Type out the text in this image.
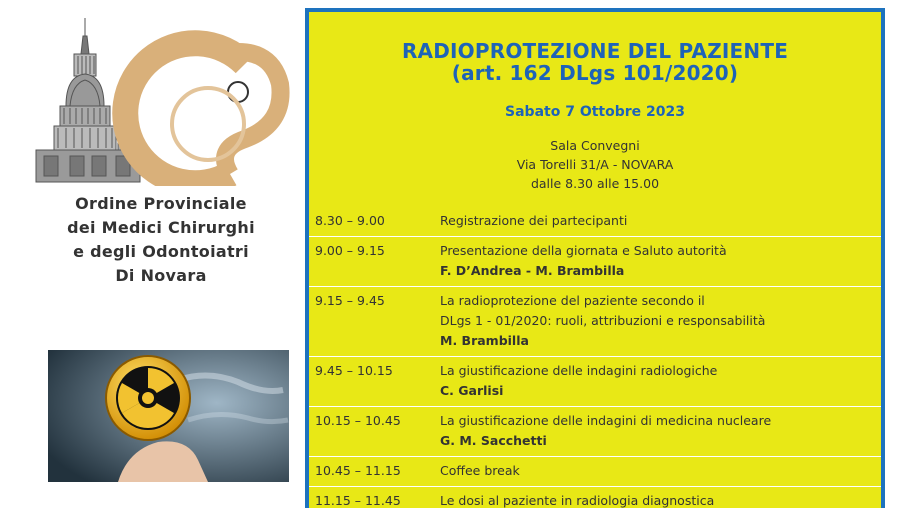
Ordine Provinciale
dei Medici Chirurghi
e degli Odontoiatri
Di Novara
RADIOPROTEZIONE DEL PAZIENTE
(art. 162 DLgs 101/2020)
Sabato 7 Ottobre 2023
Sala Convegni
Via Torelli 31/A - NOVARA
dalle 8.30 alle 15.00
8.30 – 9.00	Registrazione dei partecipanti
9.00 – 9.15	Presentazione della giornata e Saluto autorità
F. D’Andrea - M. Brambilla
9.15 – 9.45	La radioprotezione del paziente secondo il
DLgs 1 - 01/2020: ruoli, attribuzioni e responsabilità
M. Brambilla
9.45 – 10.15	La giustificazione delle indagini radiologiche
C. Garlisi
10.15 – 10.45	La giustificazione delle indagini di medicina nucleare
G. M. Sacchetti
10.45 – 11.15	Coffee break
11.15 – 11.45	Le dosi al paziente in radiologia diagnostica
